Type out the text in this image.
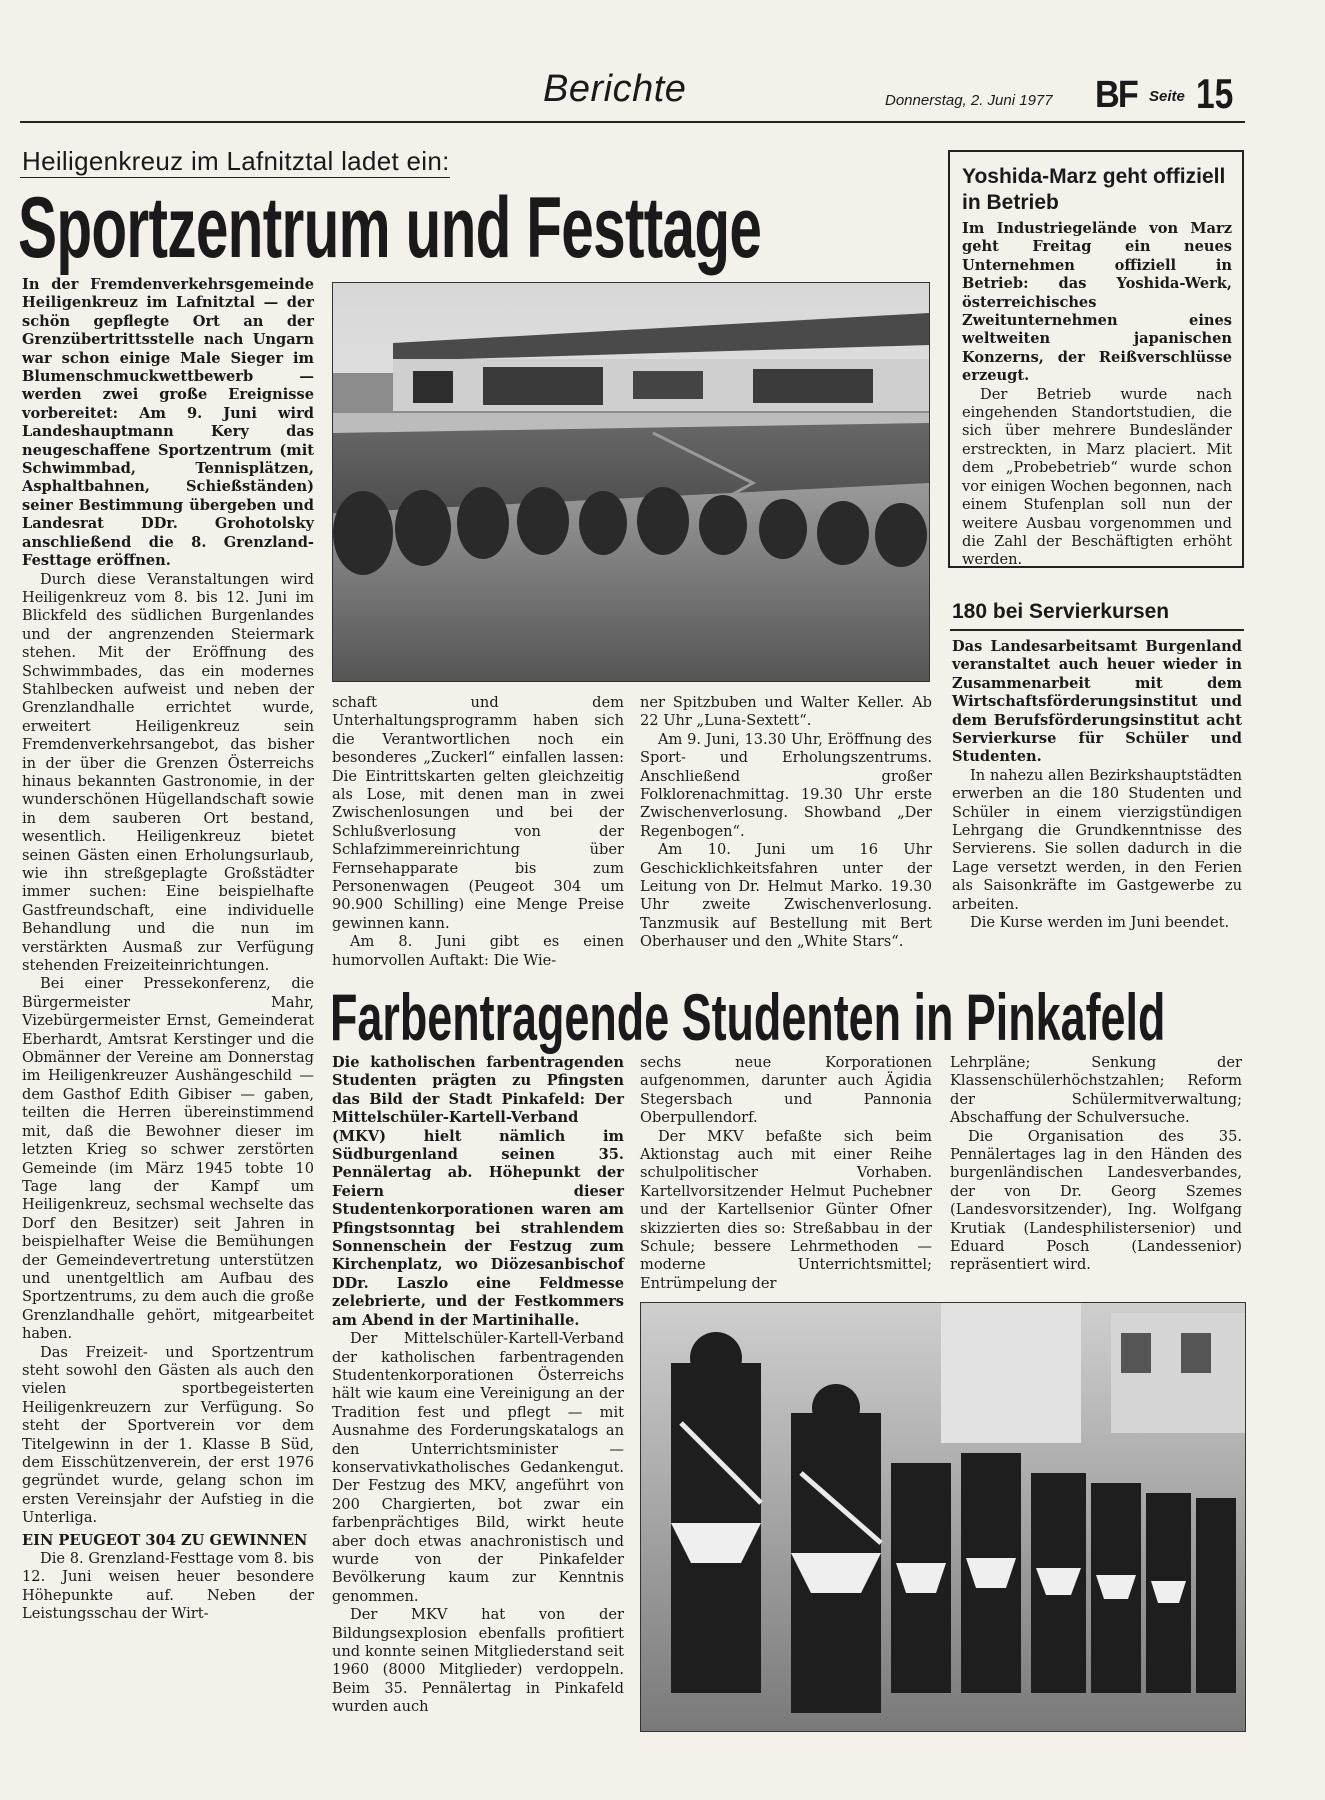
Berichte	Donnerstag, 2. Juni 1977 BF Seite 15
Heiligenkreuz im Lafnitztal ladet ein:
Sportzentrum und Festtage

In der Fremdenverkehrsgemeinde Heiligenkreuz im Lafnitztal — der schön gepflegte Ort an der Grenzübertrittsstelle nach Ungarn war schon einige Male Sieger im Blumenschmuckwettbewerb — werden zwei große Ereignisse vorbereitet: Am 9. Juni wird Landeshauptmann Kery das neugeschaffene Sportzentrum (mit Schwimmbad, Tennisplätzen, Asphaltbahnen, Schießständen) seiner Bestimmung übergeben und Landesrat DDr. Grohotolsky anschließend die 8. Grenzland-Festtage eröffnen.

Durch diese Veranstaltungen wird Heiligenkreuz vom 8. bis 12. Juni im Blickfeld des südlichen Burgenlandes und der angrenzenden Steiermark stehen. Mit der Eröffnung des Schwimmbades, das ein modernes Stahlbecken aufweist und neben der Grenzlandhalle errichtet wurde, erweitert Heiligenkreuz sein Fremdenverkehrsangebot, das bisher in der über die Grenzen Österreichs hinaus bekannten Gastronomie, in der wunderschönen Hügellandschaft sowie in dem sauberen Ort bestand, wesentlich. Heiligenkreuz bietet seinen Gästen einen Erholungsurlaub, wie ihn streßgeplagte Großstädter immer suchen: Eine beispielhafte Gastfreundschaft, eine individuelle Behandlung und die nun im verstärkten Ausmaß zur Verfügung stehenden Freizeiteinrichtungen.

Bei einer Pressekonferenz, die Bürgermeister Mahr, Vizebürgermeister Ernst, Gemeinderat Eberhardt, Amtsrat Kerstinger und die Obmänner der Vereine am Donnerstag im Heiligenkreuzer Aushängeschild — dem Gasthof Edith Gibiser — gaben, teilten die Herren übereinstimmend mit, daß die Bewohner dieser im letzten Krieg so schwer zerstörten Gemeinde (im März 1945 tobte 10 Tage lang der Kampf um Heiligenkreuz, sechsmal wechselte das Dorf den Besitzer) seit Jahren in beispielhafter Weise die Bemühungen der Gemeindevertretung unterstützen und unentgeltlich am Aufbau des Sportzentrums, zu dem auch die große Grenzlandhalle gehört, mitgearbeitet haben.

Das Freizeit- und Sportzentrum steht sowohl den Gästen als auch den vielen sportbegeisterten Heiligenkreuzern zur Verfügung. So steht der Sportverein vor dem Titelgewinn in der 1. Klasse B Süd, dem Eisschützenverein, der erst 1976 gegründet wurde, gelang schon im ersten Vereinsjahr der Aufstieg in die Unterliga.

EIN PEUGEOT 304 ZU GEWINNEN

Die 8. Grenzland-Festtage vom 8. bis 12. Juni weisen heuer besondere Höhepunkte auf. Neben der Leistungsschau der Wirt-

schaft und dem Unterhaltungsprogramm haben sich die Verantwortlichen noch ein besonderes „Zuckerl“ einfallen lassen: Die Eintrittskarten gelten gleichzeitig als Lose, mit denen man in zwei Zwischenlosungen und bei der Schlußverlosung von der Schlafzimmereinrichtung über Fernsehapparate bis zum Personenwagen (Peugeot 304 um 90.900 Schilling) eine Menge Preise gewinnen kann.

Am 8. Juni gibt es einen humorvollen Auftakt: Die Wie-

ner Spitzbuben und Walter Keller. Ab 22 Uhr „Luna-Sextett“.

Am 9. Juni, 13.30 Uhr, Eröffnung des Sport- und Erholungszentrums. Anschließend großer Folklorenachmittag. 19.30 Uhr erste Zwischenverlosung. Showband „Der Regenbogen“.

Am 10. Juni um 16 Uhr Geschicklichkeitsfahren unter der Leitung von Dr. Helmut Marko. 19.30 Uhr zweite Zwischenverlosung. Tanzmusik auf Bestellung mit Bert Oberhauser und den „White Stars“.

Yoshida-Marz geht offiziell in Betrieb

Im Industriegelände von Marz geht Freitag ein neues Unternehmen offiziell in Betrieb: das Yoshida-Werk, österreichisches Zweitunternehmen eines weltweiten japanischen Konzerns, der Reißverschlüsse erzeugt.

Der Betrieb wurde nach eingehenden Standortstudien, die sich über mehrere Bundesländer erstreckten, in Marz placiert. Mit dem „Probebetrieb“ wurde schon vor einigen Wochen begonnen, nach einem Stufenplan soll nun der weitere Ausbau vorgenommen und die Zahl der Beschäftigten erhöht werden.

180 bei Servierkursen

Das Landesarbeitsamt Burgenland veranstaltet auch heuer wieder in Zusammenarbeit mit dem Wirtschaftsförderungsinstitut und dem Berufsförderungsinstitut acht Servierkurse für Schüler und Studenten.

In nahezu allen Bezirkshauptstädten erwerben an die 180 Studenten und Schüler in einem vierzigstündigen Lehrgang die Grundkenntnisse des Servierens. Sie sollen dadurch in die Lage versetzt werden, in den Ferien als Saisonkräfte im Gastgewerbe zu arbeiten.

Die Kurse werden im Juni beendet.

Farbentragende Studenten in Pinkafeld

Die katholischen farbentragenden Studenten prägten zu Pfingsten das Bild der Stadt Pinkafeld: Der Mittelschüler-Kartell-Verband (MKV) hielt nämlich im Südburgenland seinen 35. Pennälertag ab. Höhepunkt der Feiern dieser Studentenkorporationen waren am Pfingstsonntag bei strahlendem Sonnenschein der Festzug zum Kirchenplatz, wo Diözesanbischof DDr. Laszlo eine Feldmesse zelebrierte, und der Festkommers am Abend in der Martinihalle.

Der Mittelschüler-Kartell-Verband der katholischen farbentragenden Studentenkorporationen Österreichs hält wie kaum eine Vereinigung an der Tradition fest und pflegt — mit Ausnahme des Forderungskatalogs an den Unterrichtsminister — konservativkatholisches Gedankengut. Der Festzug des MKV, angeführt von 200 Chargierten, bot zwar ein farbenprächtiges Bild, wirkt heute aber doch etwas anachronistisch und wurde von der Pinkafelder Bevölkerung kaum zur Kenntnis genommen.

Der MKV hat von der Bildungsexplosion ebenfalls profitiert und konnte seinen Mitgliederstand seit 1960 (8000 Mitglieder) verdoppeln. Beim 35. Pennälertag in Pinkafeld wurden auch

sechs neue Korporationen aufgenommen, darunter auch Ägidia Stegersbach und Pannonia Oberpullendorf.

Der MKV befaßte sich beim Aktionstag auch mit einer Reihe schulpolitischer Vorhaben. Kartellvorsitzender Helmut Puchebner und der Kartellsenior Günter Ofner skizzierten dies so: Streßabbau in der Schule; bessere Lehrmethoden — moderne Unterrichtsmittel; Entrümpelung der

Lehrpläne; Senkung der Klassenschülerhöchstzahlen; Reform der Schülermitverwaltung; Abschaffung der Schulversuche.

Die Organisation des 35. Pennälertages lag in den Händen des burgenländischen Landesverbandes, der von Dr. Georg Szemes (Landesvorsitzender), Ing. Wolfgang Krutiak (Landesphilistersenior) und Eduard Posch (Landessenior) repräsentiert wird.
